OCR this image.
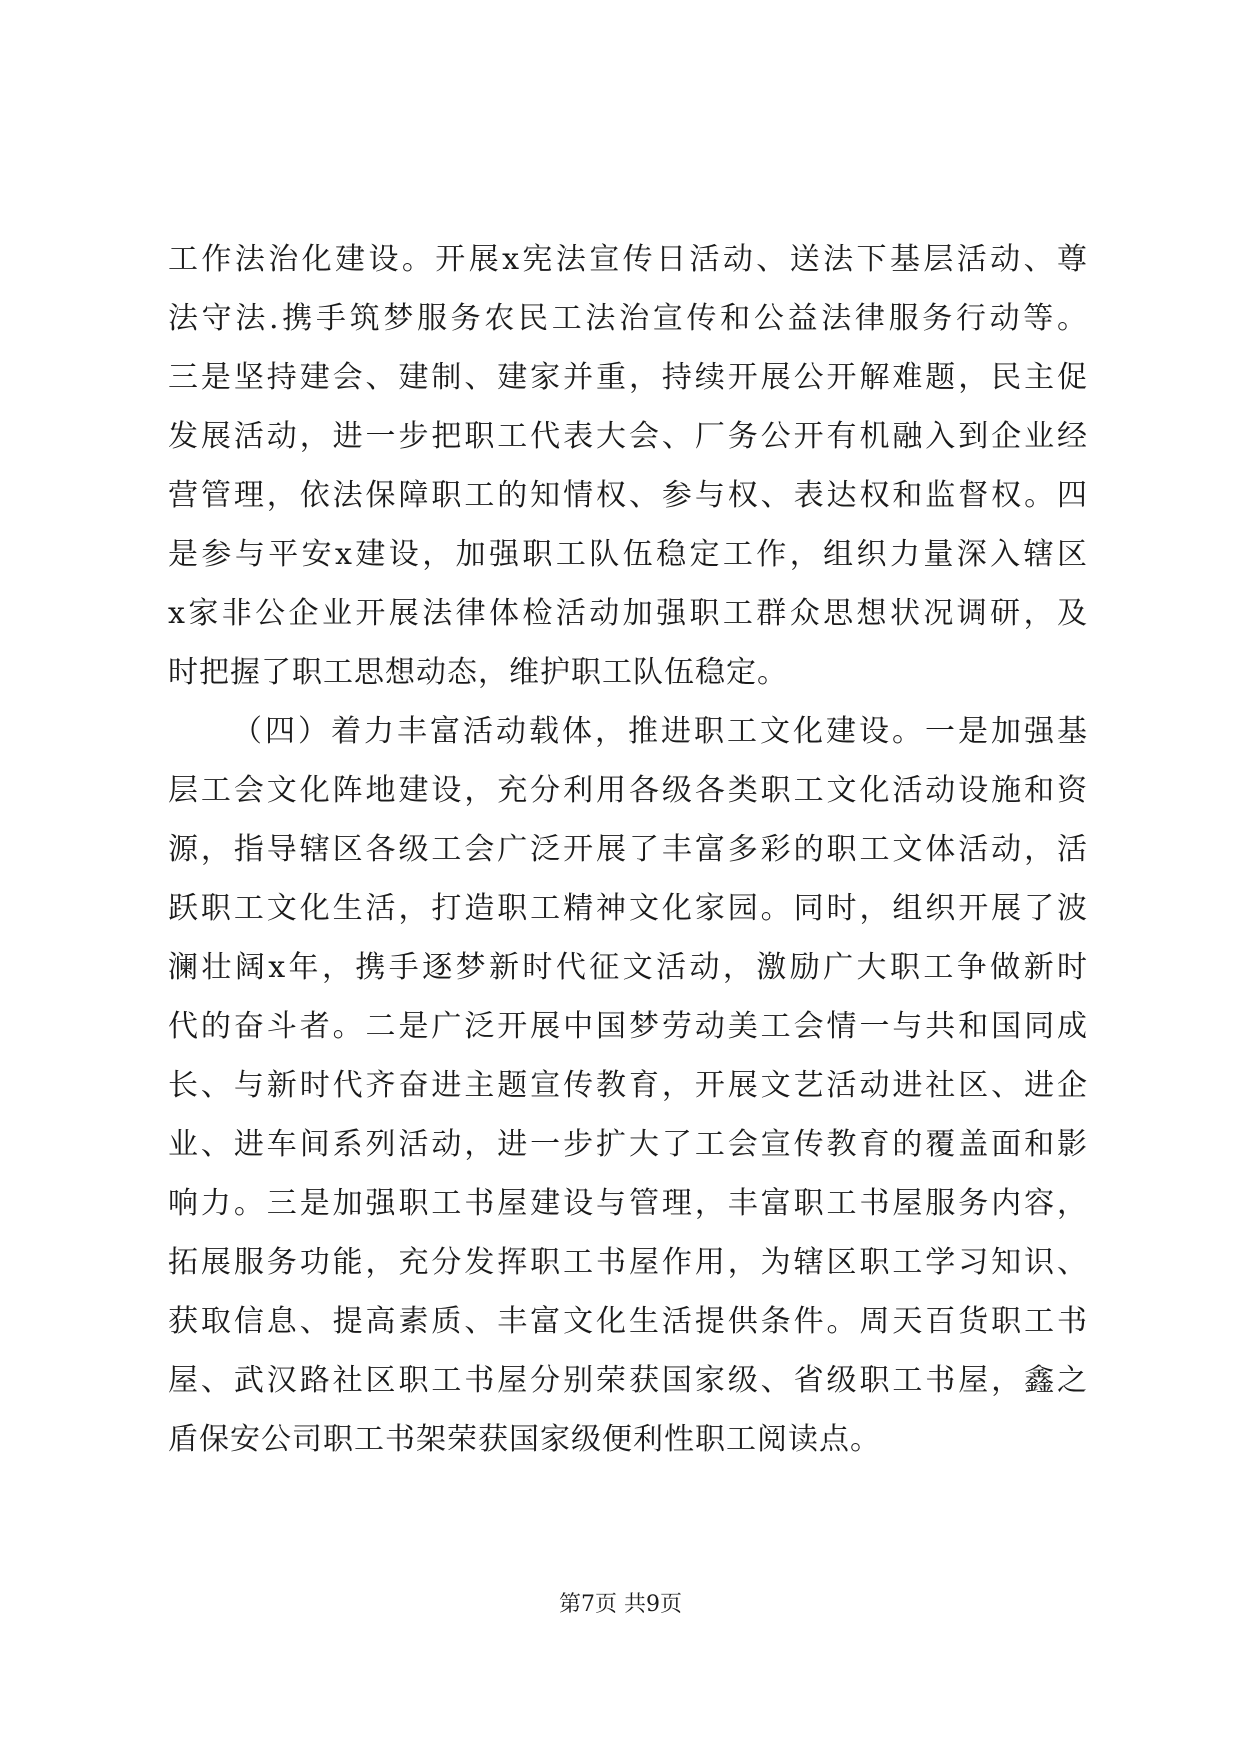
工作法治化建设。开展x宪法宣传日活动、送法下基层活动、尊
法守法.携手筑梦服务农民工法治宣传和公益法律服务行动等。
三是坚持建会、建制、建家并重，持续开展公开解难题，民主促
发展活动，进一步把职工代表大会、厂务公开有机融入到企业经
营管理，依法保障职工的知情权、参与权、表达权和监督权。四
是参与平安x建设，加强职工队伍稳定工作，组织力量深入辖区
x家非公企业开展法律体检活动加强职工群众思想状况调研，及
时把握了职工思想动态，维护职工队伍稳定。
（四）着力丰富活动载体，推进职工文化建设。一是加强基
层工会文化阵地建设，充分利用各级各类职工文化活动设施和资
源，指导辖区各级工会广泛开展了丰富多彩的职工文体活动，活
跃职工文化生活，打造职工精神文化家园。同时，组织开展了波
澜壮阔x年，携手逐梦新时代征文活动，激励广大职工争做新时
代的奋斗者。二是广泛开展中国梦劳动美工会情一与共和国同成
长、与新时代齐奋进主题宣传教育，开展文艺活动进社区、进企
业、进车间系列活动，进一步扩大了工会宣传教育的覆盖面和影
响力。三是加强职工书屋建设与管理，丰富职工书屋服务内容，
拓展服务功能，充分发挥职工书屋作用，为辖区职工学习知识、
获取信息、提高素质、丰富文化生活提供条件。周天百货职工书
屋、武汉路社区职工书屋分别荣获国家级、省级职工书屋，鑫之
盾保安公司职工书架荣获国家级便利性职工阅读点。
第7页 共9页
